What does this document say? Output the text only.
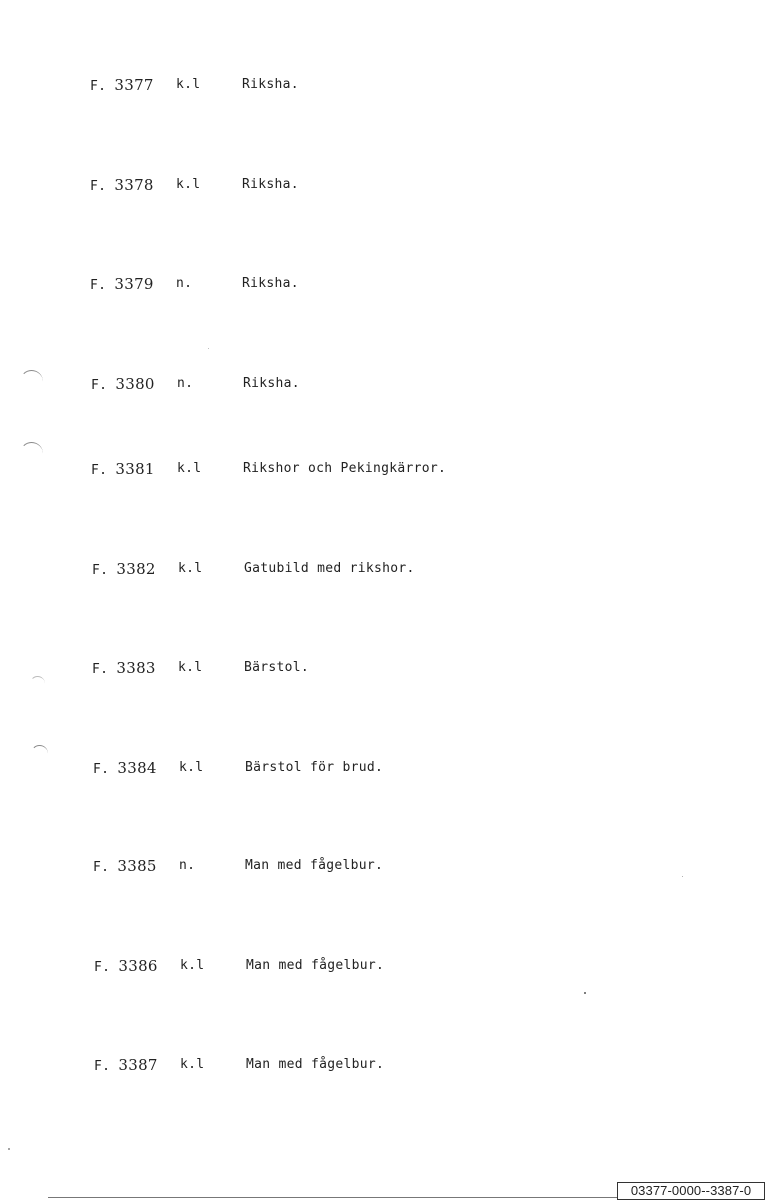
F. 3377 k.l	Riksha.
F. 3378 k.l	Riksha.
F. 3379 n.	Riksha.
F. 3380 n.	Riksha.
F. 3381 k.l	Rikshor och Pekingkärror.
F. 3382 k.l	Gatubild med rikshor.
F. 3383 k.l	Bärstol.
F. 3384 k.l	Bärstol för brud.
F. 3385 n.	Man med fågelbur.
F. 3386 k.l	Man med fågelbur.
F. 3387 k.l	Man med fågelbur.
03377-0000--3387-0
